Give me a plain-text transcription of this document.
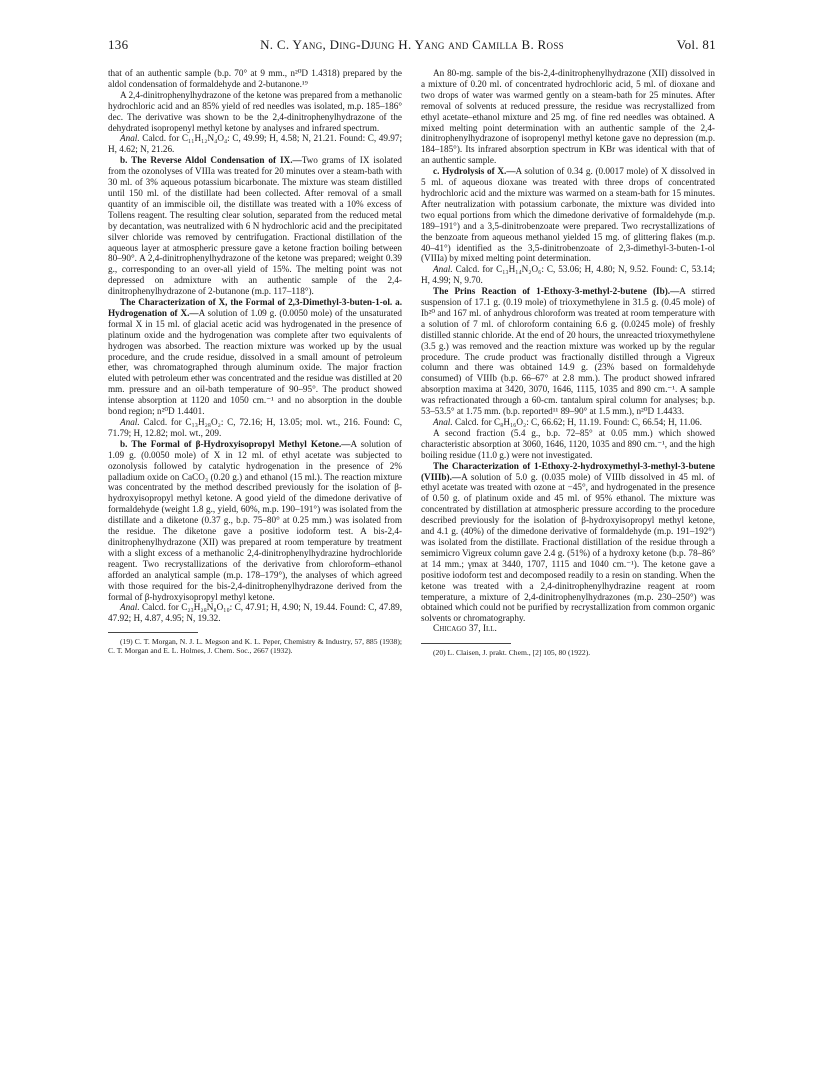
136	N. C. Yang, Ding-Djung H. Yang and Camilla B. Ross	Vol. 81

that of an authentic sample (b.p. 70° at 9 mm., n²⁰D 1.4318) prepared by the aldol condensation of formaldehyde and 2-butanone.¹⁹

A 2,4-dinitrophenylhydrazone of the ketone was prepared from a methanolic hydrochloric acid and an 85% yield of red needles was isolated, m.p. 185–186° dec. The derivative was shown to be the 2,4-dinitrophenylhydrazone of the dehydrated isopropenyl methyl ketone by analyses and infrared spectrum.

Anal. Calcd. for C₁₁H₁₂N₄O₄: C, 49.99; H, 4.58; N, 21.21. Found: C, 49.97; H, 4.62; N, 21.26.

b. The Reverse Aldol Condensation of IX.—Two grams of IX isolated from the ozonolyses of VIIIa was treated for 20 minutes over a steam-bath with 30 ml. of 3% aqueous potassium bicarbonate. The mixture was steam distilled until 150 ml. of the distillate had been collected. After removal of a small quantity of an immiscible oil, the distillate was treated with a 10% excess of Tollens reagent. The resulting clear solution, separated from the reduced metal by decantation, was neutralized with 6 N hydrochloric acid and the precipitated silver chloride was removed by centrifugation. Fractional distillation of the aqueous layer at atmospheric pressure gave a ketone fraction boiling between 80–90°. A 2,4-dinitrophenylhydrazone of the ketone was prepared; weight 0.39 g., corresponding to an over-all yield of 15%. The melting point was not depressed on admixture with an authentic sample of the 2,4-dinitrophenylhydrazone of 2-butanone (m.p. 117–118°).

The Characterization of X, the Formal of 2,3-Dimethyl-3-buten-1-ol. a. Hydrogenation of X.—A solution of 1.09 g. (0.0050 mole) of the unsaturated formal X in 15 ml. of glacial acetic acid was hydrogenated in the presence of platinum oxide and the hydrogenation was complete after two equivalents of hydrogen was absorbed. The reaction mixture was worked up by the usual procedure, and the crude residue, dissolved in a small amount of petroleum ether, was chromatographed through aluminum oxide. The major fraction eluted with petroleum ether was concentrated and the residue was distilled at 20 mm. pressure and an oil-bath temperature of 90–95°. The product showed intense absorption at 1120 and 1050 cm.⁻¹ and no absorption in the double bond region; n²⁰D 1.4401.

Anal. Calcd. for C₁₃H₂₈O₂: C, 72.16; H, 13.05; mol. wt., 216. Found: C, 71.79; H, 12.82; mol. wt., 209.

b. The Formal of β-Hydroxyisopropyl Methyl Ketone.—A solution of 1.09 g. (0.0050 mole) of X in 12 ml. of ethyl acetate was subjected to ozonolysis followed by catalytic hydrogenation in the presence of 2% palladium oxide on CaCO₃ (0.20 g.) and ethanol (15 ml.). The reaction mixture was concentrated by the method described previously for the isolation of β-hydroxyisopropyl methyl ketone. A good yield of the dimedone derivative of formaldehyde (weight 1.8 g., yield, 60%, m.p. 190–191°) was isolated from the distillate and a diketone (0.37 g., b.p. 75–80° at 0.25 mm.) was isolated from the residue. The diketone gave a positive iodoform test. A bis-2,4-dinitrophenylhydrazone (XII) was prepared at room temperature by treatment with a slight excess of a methanolic 2,4-dinitrophenylhydrazine hydrochloride reagent. Two recrystallizations of the derivative from chloroform–ethanol afforded an analytical sample (m.p. 178–179°), the analyses of which agreed with those required for the bis-2,4-dinitrophenylhydrazone derived from the formal of β-hydroxyisopropyl methyl ketone.

Anal. Calcd. for C₂₃H₂₈N₈O₁₀: C, 47.91; H, 4.90; N, 19.44. Found: C, 47.89, 47.92; H, 4.87, 4.95; N, 19.32.

(19) C. T. Morgan, N. J. L. Megson and K. L. Peper, Chemistry & Industry, 57, 885 (1938); C. T. Morgan and E. L. Holmes, J. Chem. Soc., 2667 (1932).

An 80-mg. sample of the bis-2,4-dinitrophenylhydrazone (XII) dissolved in a mixture of 0.20 ml. of concentrated hydrochloric acid, 5 ml. of dioxane and two drops of water was warmed gently on a steam-bath for 25 minutes. After removal of solvents at reduced pressure, the residue was recrystallized from ethyl acetate–ethanol mixture and 25 mg. of fine red needles was obtained. A mixed melting point determination with an authentic sample of the 2,4-dinitrophenylhydrazone of isopropenyl methyl ketone gave no depression (m.p. 184–185°). Its infrared absorption spectrum in KBr was identical with that of an authentic sample.

c. Hydrolysis of X.—A solution of 0.34 g. (0.0017 mole) of X dissolved in 5 ml. of aqueous dioxane was treated with three drops of concentrated hydrochloric acid and the mixture was warmed on a steam-bath for 15 minutes. After neutralization with potassium carbonate, the mixture was divided into two equal portions from which the dimedone derivative of formaldehyde (m.p. 189–191°) and a 3,5-dinitrobenzoate were prepared. Two recrystallizations of the benzoate from aqueous methanol yielded 15 mg. of glittering flakes (m.p. 40–41°) identified as the 3,5-dinitrobenzoate of 2,3-dimethyl-3-buten-1-ol (VIIIa) by mixed melting point determination.

Anal. Calcd. for C₁₃H₁₄N₂O₆: C, 53.06; H, 4.80; N, 9.52. Found: C, 53.14; H, 4.99; N, 9.70.

The Prins Reaction of 1-Ethoxy-3-methyl-2-butene (Ib).—A stirred suspension of 17.1 g. (0.19 mole) of trioxymethylene in 31.5 g. (0.45 mole) of Ib²⁰ and 167 ml. of anhydrous chloroform was treated at room temperature with a solution of 7 ml. of chloroform containing 6.6 g. (0.0245 mole) of freshly distilled stannic chloride. At the end of 20 hours, the unreacted trioxymethylene (3.5 g.) was removed and the reaction mixture was worked up by the regular procedure. The crude product was fractionally distilled through a Vigreux column and there was obtained 14.9 g. (23% based on formaldehyde consumed) of VIIIb (b.p. 66–67° at 2.8 mm.). The product showed infrared absorption maxima at 3420, 3070, 1646, 1115, 1035 and 890 cm.⁻¹. A sample was refractionated through a 60-cm. tantalum spiral column for analyses; b.p. 53–53.5° at 1.75 mm. (b.p. reported¹¹ 89–90° at 1.5 mm.), n²⁰D 1.4433.

Anal. Calcd. for C₈H₁₆O₂: C, 66.62; H, 11.19. Found: C, 66.54; H, 11.06.

A second fraction (5.4 g., b.p. 72–85° at 0.05 mm.) which showed characteristic absorption at 3060, 1646, 1120, 1035 and 890 cm.⁻¹, and the high boiling residue (11.0 g.) were not investigated.

The Characterization of 1-Ethoxy-2-hydroxymethyl-3-methyl-3-butene (VIIIb).—A solution of 5.0 g. (0.035 mole) of VIIIb dissolved in 45 ml. of ethyl acetate was treated with ozone at −45°, and hydrogenated in the presence of 0.50 g. of platinum oxide and 45 ml. of 95% ethanol. The mixture was concentrated by distillation at atmospheric pressure according to the procedure described previously for the isolation of β-hydroxyisopropyl methyl ketone, and 4.1 g. (40%) of the dimedone derivative of formaldehyde (m.p. 191–192°) was isolated from the distillate. Fractional distillation of the residue through a semimicro Vigreux column gave 2.4 g. (51%) of a hydroxy ketone (b.p. 78–86° at 14 mm.; γmax at 3440, 1707, 1115 and 1040 cm.⁻¹). The ketone gave a positive iodoform test and decomposed readily to a resin on standing. When the ketone was treated with a 2,4-dinitrophenylhydrazine reagent at room temperature, a mixture of 2,4-dinitrophenylhydrazones (m.p. 230–250°) was obtained which could not be purified by recrystallization from common organic solvents or chromatography.

Chicago 37, Ill.

(20) L. Claisen, J. prakt. Chem., [2] 105, 80 (1922).
